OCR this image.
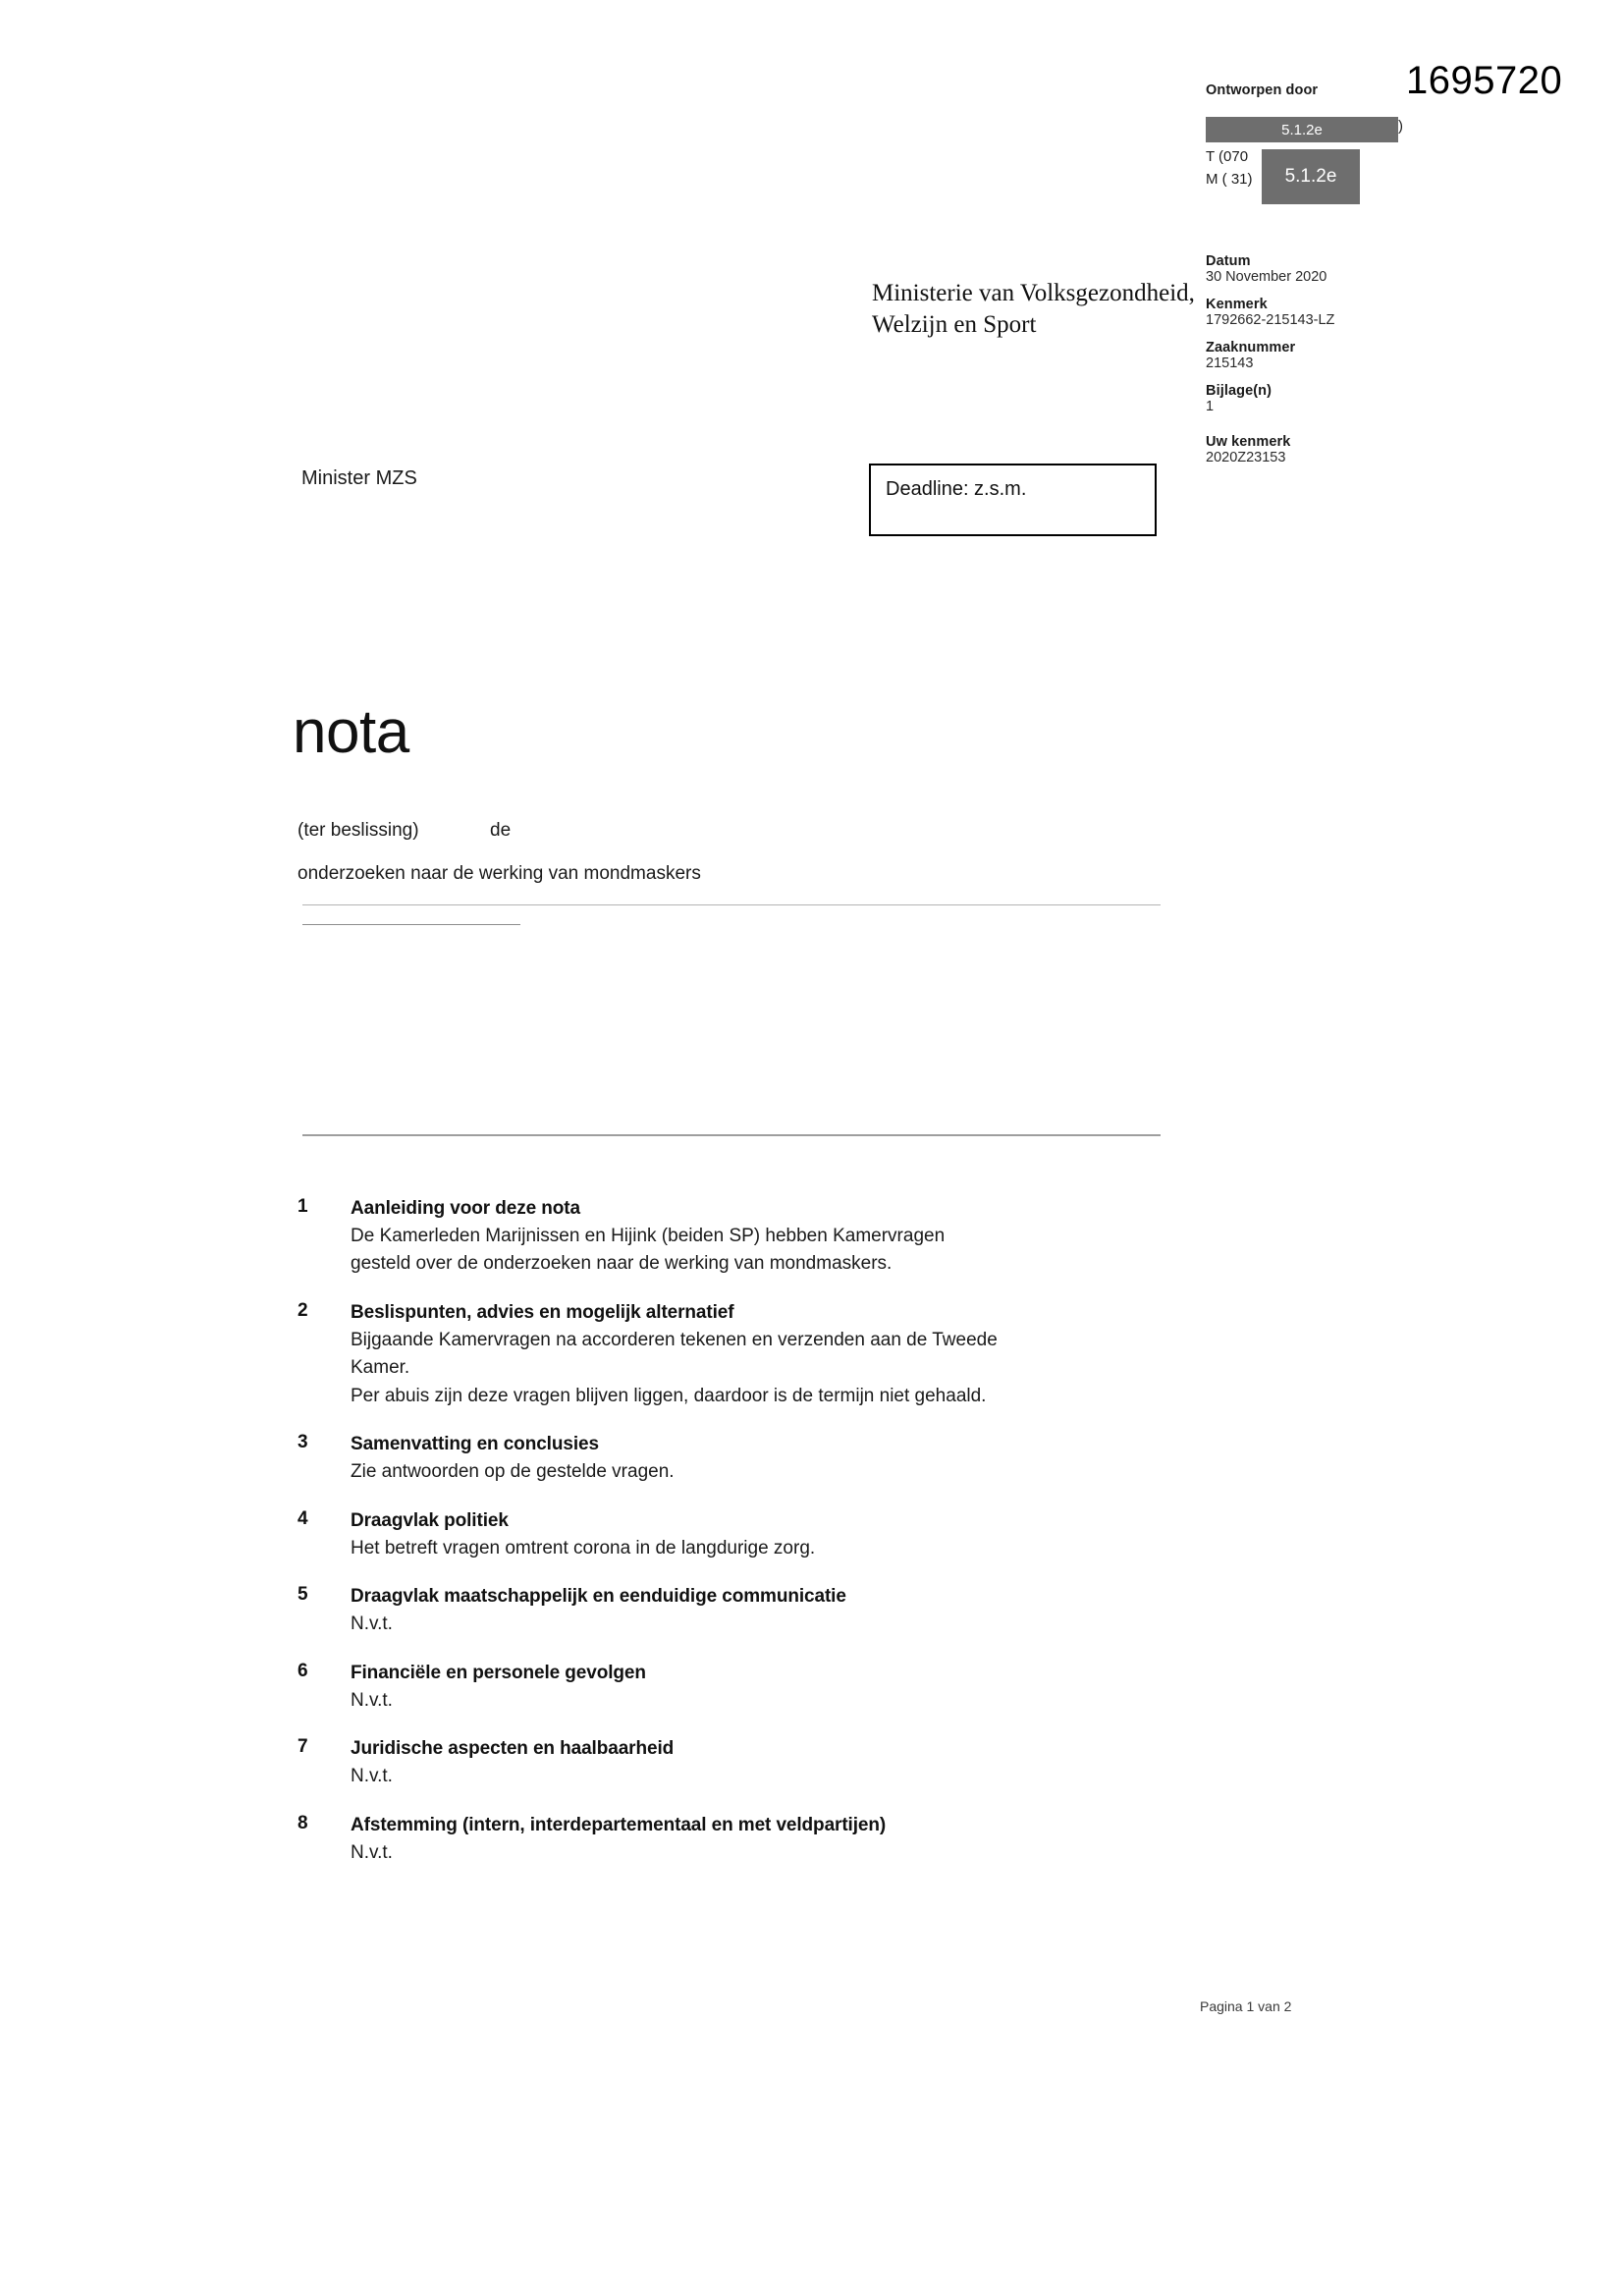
1695720
Ontworpen door
5.1.2e	)
T (070
M ( 31)	5.1.2e
Datum
30 November 2020
Kenmerk
1792662-215143-LZ
Zaaknummer
215143
Bijlage(n)
1
Uw kenmerk
2020Z23153
Ministerie van Volksgezondheid,
Welzijn en Sport
Minister MZS	Deadline: z.s.m.
nota
(ter beslissing)	de
onderzoeken naar de werking van mondmaskers
1	Aanleiding voor deze nota
De Kamerleden Marijnissen en Hijink (beiden SP) hebben Kamervragen
gesteld over de onderzoeken naar de werking van mondmaskers.
2	Beslispunten, advies en mogelijk alternatief
Bijgaande Kamervragen na accorderen tekenen en verzenden aan de Tweede
Kamer.
Per abuis zijn deze vragen blijven liggen, daardoor is de termijn niet gehaald.
3	Samenvatting en conclusies
Zie antwoorden op de gestelde vragen.
4	Draagvlak politiek
Het betreft vragen omtrent corona in de langdurige zorg.
5	Draagvlak maatschappelijk en eenduidige communicatie
N.v.t.
6	Financiële en personele gevolgen
N.v.t.
7	Juridische aspecten en haalbaarheid
N.v.t.
8	Afstemming (intern, interdepartementaal en met veldpartijen)
N.v.t.
Pagina 1 van 2
